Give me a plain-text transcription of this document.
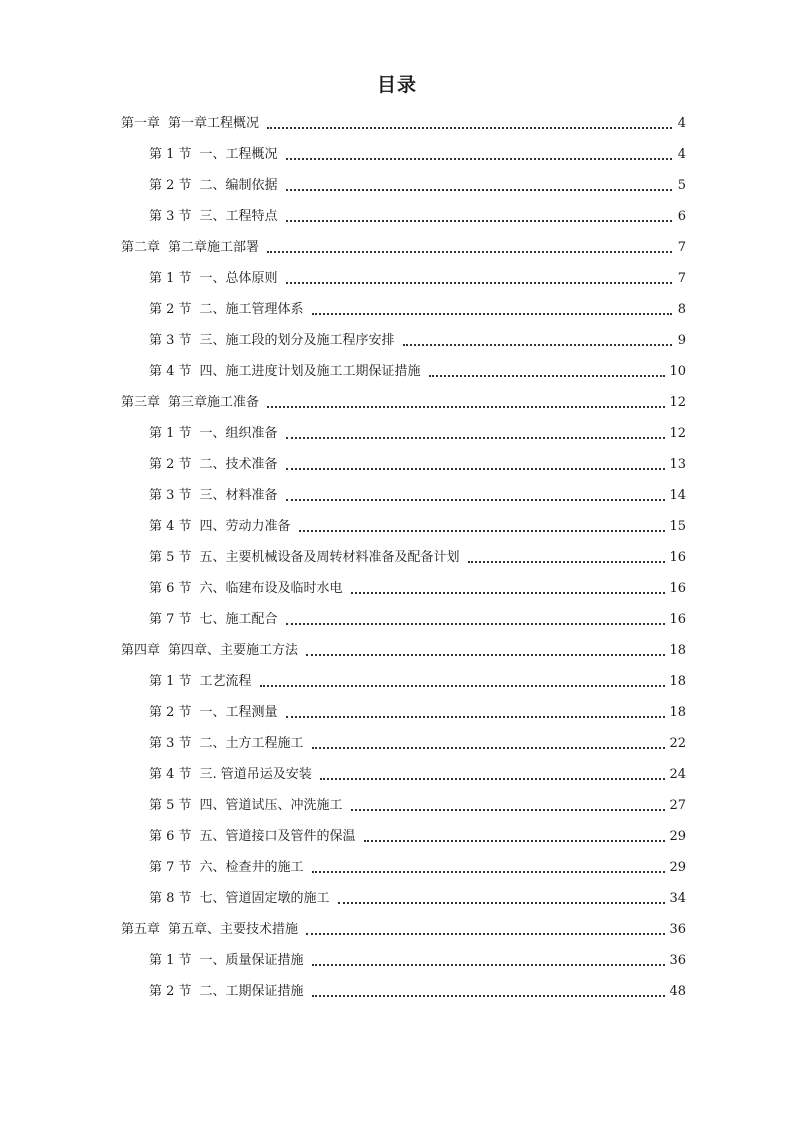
目录
第一章 第一章工程概况	4
第 1 节 一、工程概况	4
第 2 节 二、编制依据	5
第 3 节 三、工程特点	6
第二章 第二章施工部署	7
第 1 节 一、总体原则	7
第 2 节 二、施工管理体系	8
第 3 节 三、施工段的划分及施工程序安排	9
第 4 节 四、施工进度计划及施工工期保证措施	10
第三章 第三章施工准备	12
第 1 节 一、组织准备	12
第 2 节 二、技术准备	13
第 3 节 三、材料准备	14
第 4 节 四、劳动力准备	15
第 5 节 五、主要机械设备及周转材料准备及配备计划	16
第 6 节 六、临建布设及临时水电	16
第 7 节 七、施工配合	16
第四章 第四章、主要施工方法	18
第 1 节 工艺流程	18
第 2 节 一、工程测量	18
第 3 节 二、土方工程施工	22
第 4 节 三. 管道吊运及安装	24
第 5 节 四、管道试压、冲洗施工	27
第 6 节 五、管道接口及管件的保温	29
第 7 节 六、检查井的施工	29
第 8 节 七、管道固定墩的施工	34
第五章 第五章、主要技术措施	36
第 1 节 一、质量保证措施	36
第 2 节 二、工期保证措施	48
